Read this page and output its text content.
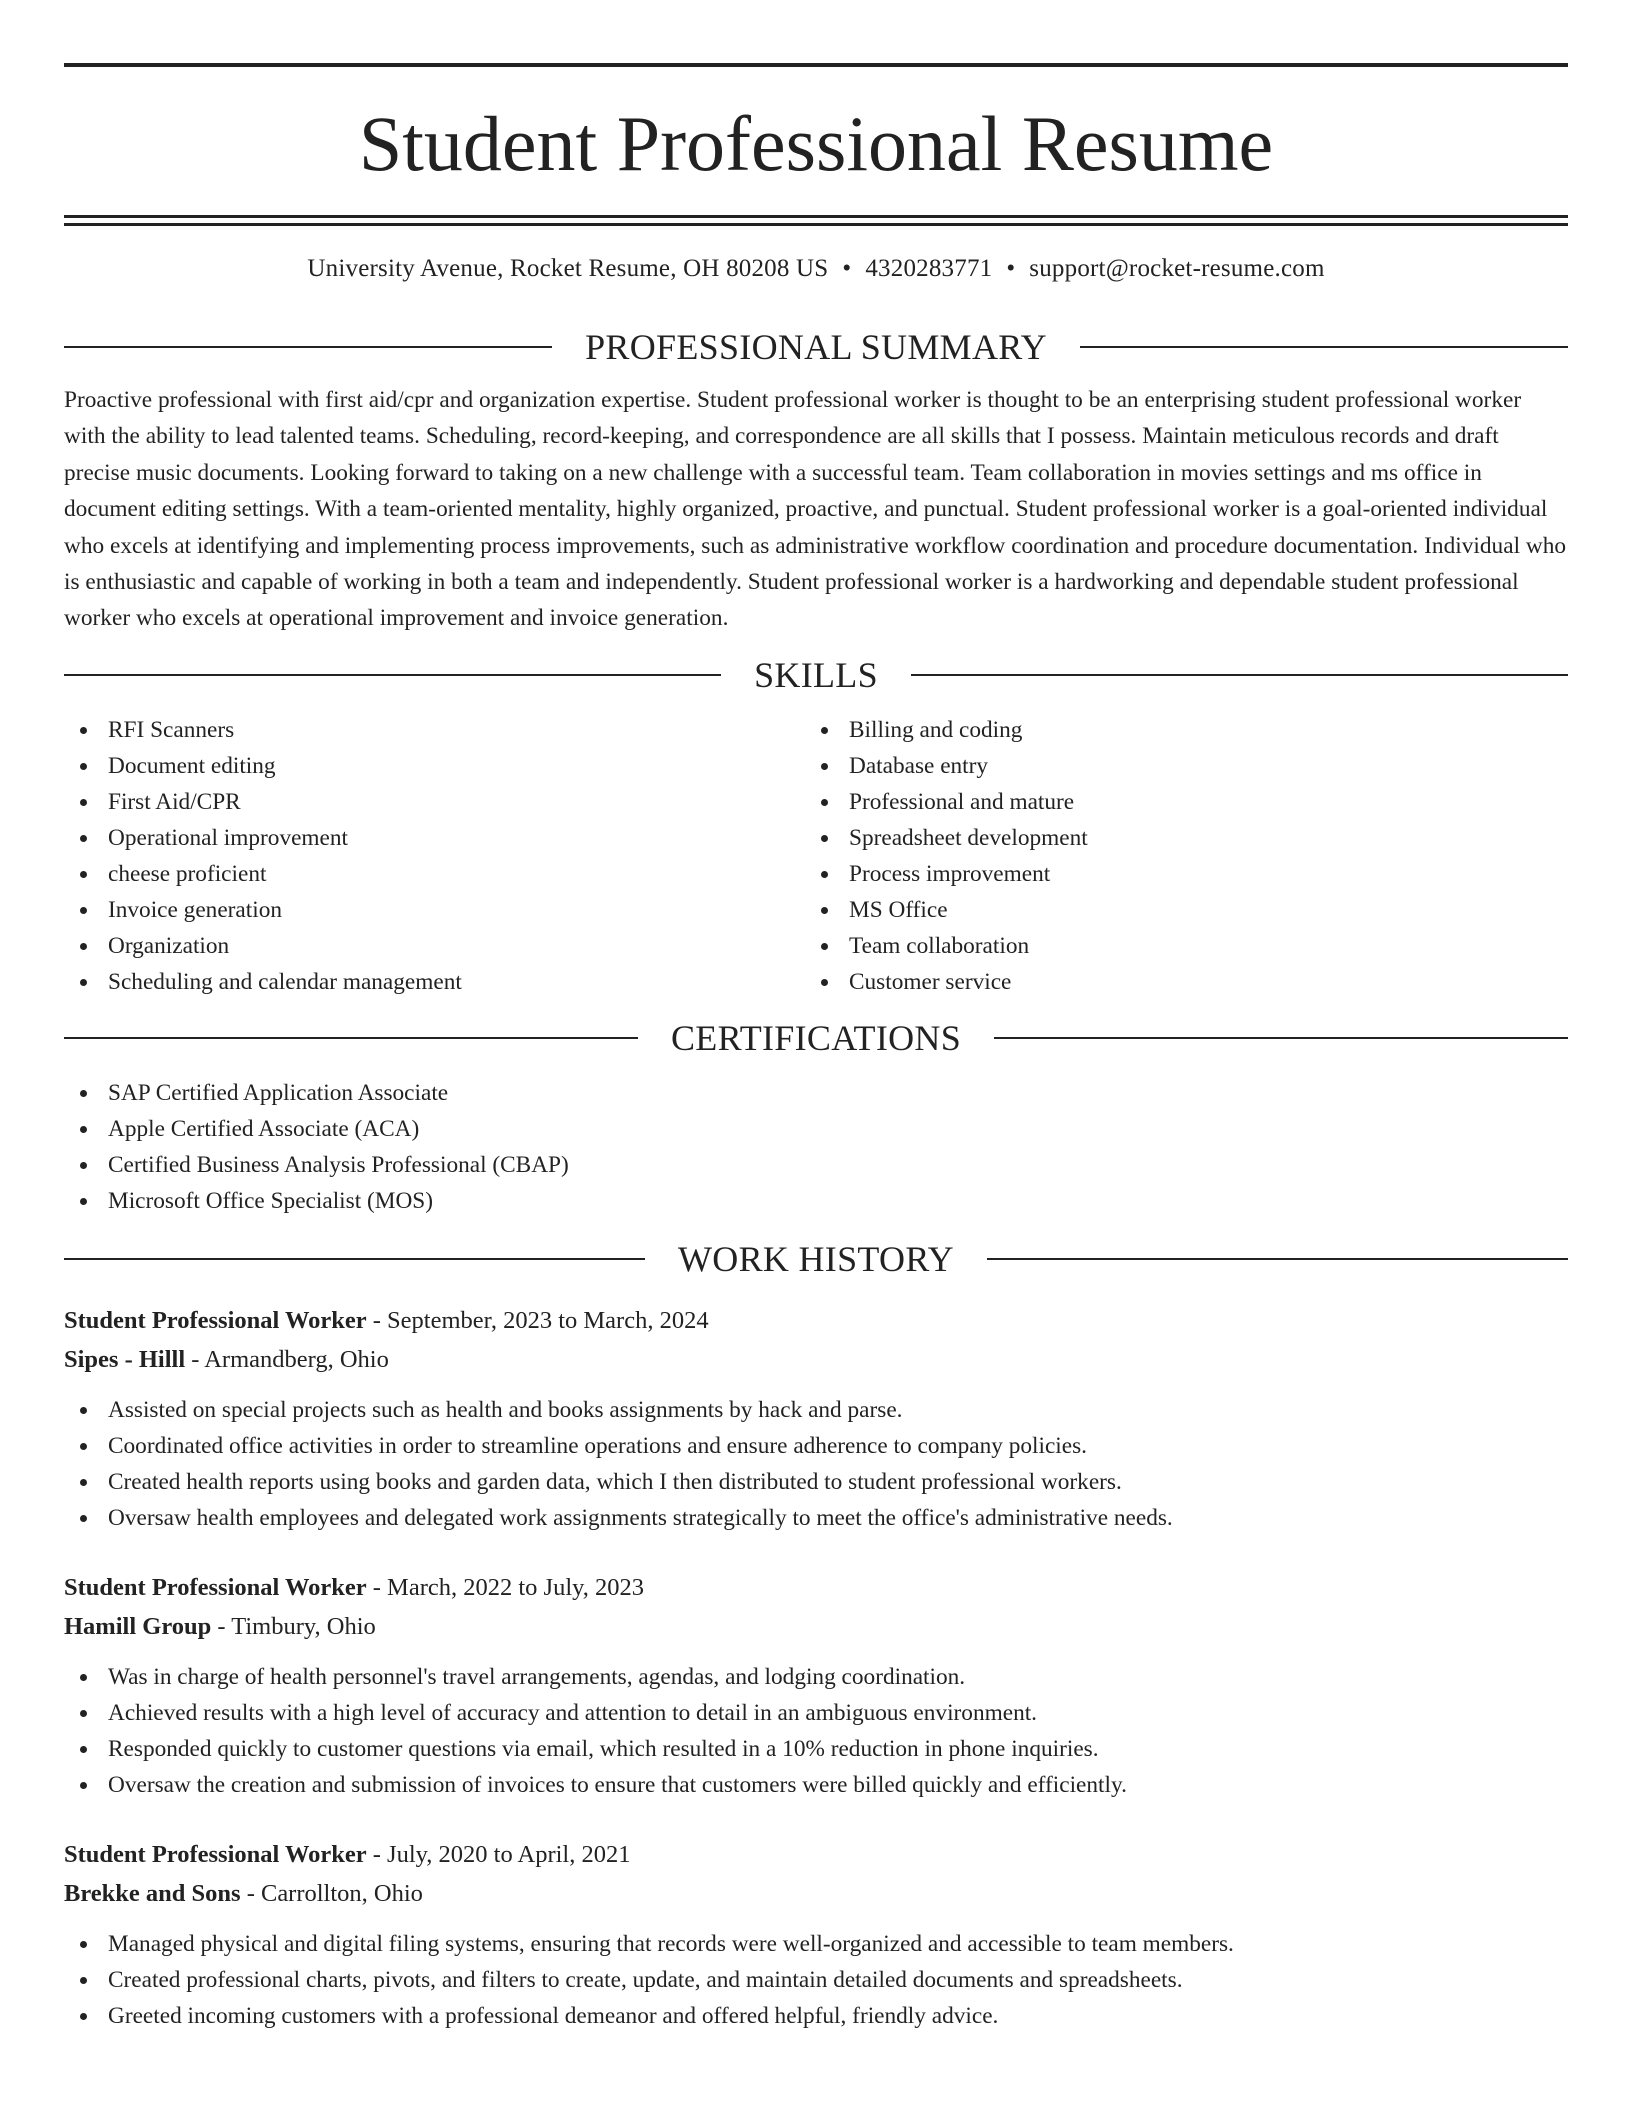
Student Professional Resume
University Avenue, Rocket Resume, OH 80208 US • 4320283771 • support@rocket-resume.com
PROFESSIONAL SUMMARY

Proactive professional with first aid/cpr and organization expertise. Student professional worker is thought to be an enterprising student professional worker with the ability to lead talented teams. Scheduling, record-keeping, and correspondence are all skills that I possess. Maintain meticulous records and draft precise music documents. Looking forward to taking on a new challenge with a successful team. Team collaboration in movies settings and ms office in document editing settings. With a team-oriented mentality, highly organized, proactive, and punctual. Student professional worker is a goal-oriented individual who excels at identifying and implementing process improvements, such as administrative workflow coordination and procedure documentation. Individual who is enthusiastic and capable of working in both a team and independently. Student professional worker is a hardworking and dependable student professional worker who excels at operational improvement and invoice generation.

SKILLS
RFI Scanners
Document editing
First Aid/CPR
Operational improvement
cheese proficient
Invoice generation
Organization
Scheduling and calendar management
Billing and coding
Database entry
Professional and mature
Spreadsheet development
Process improvement
MS Office
Team collaboration
Customer service
CERTIFICATIONS
SAP Certified Application Associate
Apple Certified Associate (ACA)
Certified Business Analysis Professional (CBAP)
Microsoft Office Specialist (MOS)
WORK HISTORY
Student Professional Worker - September, 2023 to March, 2024
Sipes - Hilll - Armandberg, Ohio
Assisted on special projects such as health and books assignments by hack and parse.
Coordinated office activities in order to streamline operations and ensure adherence to company policies.
Created health reports using books and garden data, which I then distributed to student professional workers.
Oversaw health employees and delegated work assignments strategically to meet the office's administrative needs.
Student Professional Worker - March, 2022 to July, 2023
Hamill Group - Timbury, Ohio
Was in charge of health personnel's travel arrangements, agendas, and lodging coordination.
Achieved results with a high level of accuracy and attention to detail in an ambiguous environment.
Responded quickly to customer questions via email, which resulted in a 10% reduction in phone inquiries.
Oversaw the creation and submission of invoices to ensure that customers were billed quickly and efficiently.
Student Professional Worker - July, 2020 to April, 2021
Brekke and Sons - Carrollton, Ohio
Managed physical and digital filing systems, ensuring that records were well-organized and accessible to team members.
Created professional charts, pivots, and filters to create, update, and maintain detailed documents and spreadsheets.
Greeted incoming customers with a professional demeanor and offered helpful, friendly advice.
